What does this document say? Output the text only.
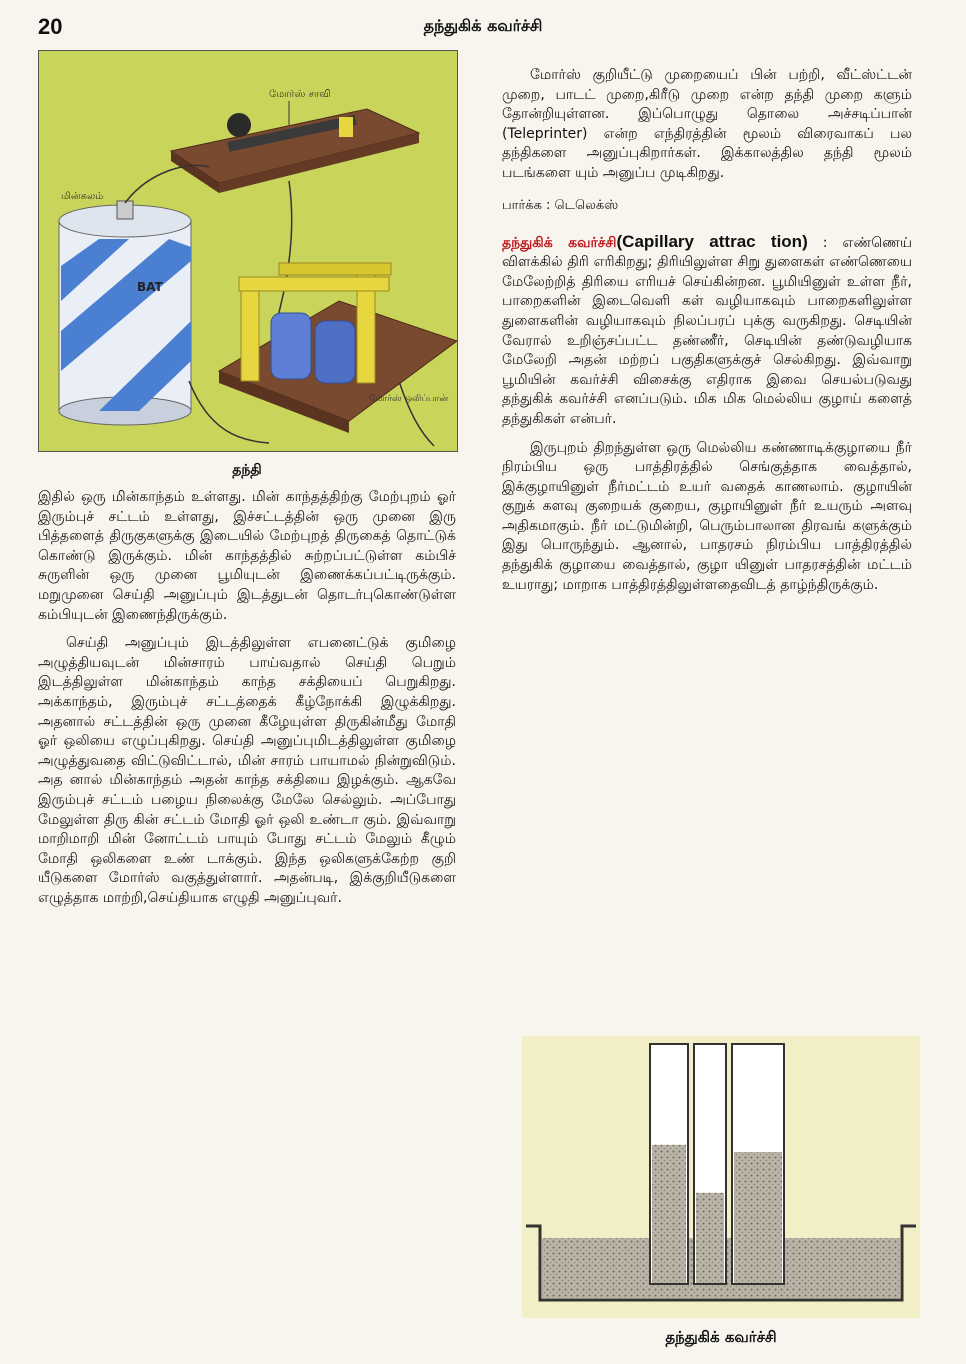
20	தந்துகிக் கவர்ச்சி
மோர்ஸ் சாவி
BAT
மின்கலம்
மோர்ஸ் ஒலிப்பான்
தந்தி

இதில் ஒரு மின்காந்தம் உள்ளது. மின் காந்தத்திற்கு மேற்புறம் ஓர் இரும்புச் சட்டம் உள்ளது, இச்சட்டத்தின் ஒரு முனை இரு பித்தளைத் திருகுகளுக்கு இடையில் மேற்புறத் திருகைத் தொட்டுக் கொண்டு இருக்கும். மின் காந்தத்தில் சுற்றப்பட்டுள்ள கம்பிச் சுருளின் ஒரு முனை பூமியுடன் இணைக்கப்பட்டிருக்கும். மறுமுனை செய்தி அனுப்பும் இடத்துடன் தொடர்புகொண்டுள்ள கம்பியுடன் இணைந்திருக்கும்.

செய்தி அனுப்பும் இடத்திலுள்ள எபனைட்டுக் குமிழை அழுத்தியவுடன் மின்சாரம் பாய்வதால் செய்தி பெறும் இடத்திலுள்ள மின்காந்தம் காந்த சக்தியைப் பெறுகிறது. அக்காந்தம், இரும்புச் சட்டத்தைக் கீழ்நோக்கி இழுக்கிறது. அதனால் சட்டத்தின் ஒரு முனை கீழேயுள்ள திருகின்மீது மோதி ஓர் ஒலியை எழுப்புகிறது. செய்தி அனுப்புமிடத்திலுள்ள குமிழை அழுத்துவதை விட்டுவிட்டால், மின் சாரம் பாயாமல் நின்றுவிடும். அத னால் மின்காந்தம் அதன் காந்த சக்தியை இழக்கும். ஆகவே இரும்புச் சட்டம் பழைய நிலைக்கு மேலே செல்லும். அப்போது மேலுள்ள திரு கின் சட்டம் மோதி ஓர் ஒலி உண்டா கும். இவ்வாறு மாறிமாறி மின் னோட்டம் பாயும் போது சட்டம் மேலும் கீழும் மோதி ஒலிகளை உண் டாக்கும். இந்த ஒலிகளுக்கேற்ற குறி யீடுகளை மோர்ஸ் வகுத்துள்ளார். அதன்படி, இக்குறியீடுகளை எழுத்தாக மாற்றி,செய்தியாக எழுதி அனுப்புவர்.

மோர்ஸ் குறியீட்டு முறையைப் பின் பற்றி, வீட்ஸ்ட்டன் முறை, பாடட் முறை,கிரீடு முறை என்ற தந்தி முறை களும் தோன்றியுள்ளன. இப்பொழுது தொலை அச்சடிப்பான் (Teleprinter) என்ற எந்திரத்தின் மூலம் விரைவாகப் பல தந்திகளை அனுப்புகிறார்கள். இக்காலத்தில தந்தி மூலம் படங்களை யும் அனுப்ப முடிகிறது.

பார்க்க : டெலெக்ஸ்

தந்துகிக் கவர்ச்சி(Capillary attrac tion) : எண்ணெய் விளக்கில் திரி எரிகிறது; திரியிலுள்ள சிறு துளைகள் எண்ணெயை மேலேற்றித் திரியை எரியச் செய்கின்றன. பூமியினுள் உள்ள நீர், பாறைகளின் இடைவெளி கள் வழியாகவும் பாறைகளிலுள்ள துளைகளின் வழியாகவும் நிலப்பரப் புக்கு வருகிறது. செடியின் வேரால் உறிஞ்சப்பட்ட தண்ணீர், செடியின் தண்டுவழியாக மேலேறி அதன் மற்றப் பகுதிகளுக்குச் செல்கிறது. இவ்வாறு பூமியின் கவர்ச்சி விசைக்கு எதிராக இவை செயல்படுவது தந்துகிக் கவர்ச்சி எனப்படும். மிக மிக மெல்லிய குழாய் களைத் தந்துகிகள் என்பர்.

இருபுறம் திறந்துள்ள ஒரு மெல்லிய கண்ணாடிக்குழாயை நீர் நிரம்பிய ஒரு பாத்திரத்தில் செங்குத்தாக வைத்தால், இக்குழாயினுள் நீர்மட்டம் உயர் வதைக் காணலாம். குழாயின் குறுக் களவு குறையக் குறைய, குழாயினுள் நீர் உயரும் அளவு அதிகமாகும். நீர் மட்டுமின்றி, பெரும்பாலான திரவங் களுக்கும் இது பொருந்தும். ஆனால், பாதரசம் நிரம்பிய பாத்திரத்தில் தந்துகிக் குழாயை வைத்தால், குழா யினுள் பாதரசத்தின் மட்டம் உயராது; மாறாக பாத்திரத்திலுள்ளதைவிடத் தாழ்ந்திருக்கும்.

தந்துகிக் கவர்ச்சி
